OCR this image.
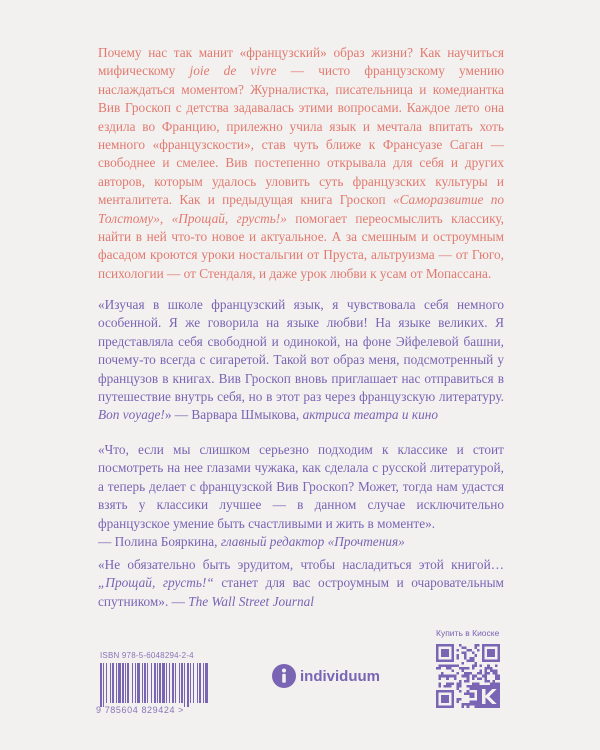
Почему нас так манит «французский» образ жизни? Как научиться мифическому joie de vivre — чисто французскому умению наслаждаться моментом? Журналистка, писательница и комедиантка Вив Гроскоп с детства задавалась этими вопросами. Каждое лето она ездила во Францию, прилежно учила язык и мечтала впитать хоть немного «французскости», став чуть ближе к Франсуазе Саган — свободнее и смелее. Вив постепенно открывала для себя и других авторов, которым удалось уловить суть французских культуры и менталитета. Как и предыдущая книга Гроскоп «Саморазвитие по Толстому», «Прощай, грусть!» помогает переосмыслить классику, найти в ней что-то новое и актуальное. А за смешным и остроумным фасадом кроются уроки ностальгии от Пруста, альтруизма — от Гюго, психологии — от Стендаля, и даже урок любви к усам от Мопассана.

«Изучая в школе французский язык, я чувствовала себя немного особенной. Я же говорила на языке любви! На языке великих. Я представляла себя свободной и одинокой, на фоне Эйфелевой башни, почему-то всегда с сигаретой. Такой вот образ меня, подсмотренный у французов в книгах. Вив Гроскоп вновь приглашает нас отправиться в путешествие внутрь себя, но в этот раз через французскую литературу. Bon voyage!» — Варвара Шмыкова, актриса театра и кино

«Что, если мы слишком серьезно подходим к классике и стоит посмотреть на нее глазами чужака, как сделала с русской литературой, а теперь делает с французской Вив Гроскоп? Может, тогда нам удастся взять у классики лучшее — в данном случае исключительно французское умение быть счастливыми и жить в моменте».
— Полина Бояркина, главный редактор «Прочтения»

«Не обязательно быть эрудитом, чтобы насладиться этой книгой… „Прощай, грусть!“ станет для вас остроумным и очаровательным спутником». — The Wall Street Journal

ISBN 978-5-6048294-2-4
9 785604 829424 >
individuum
Купить в Киоске
